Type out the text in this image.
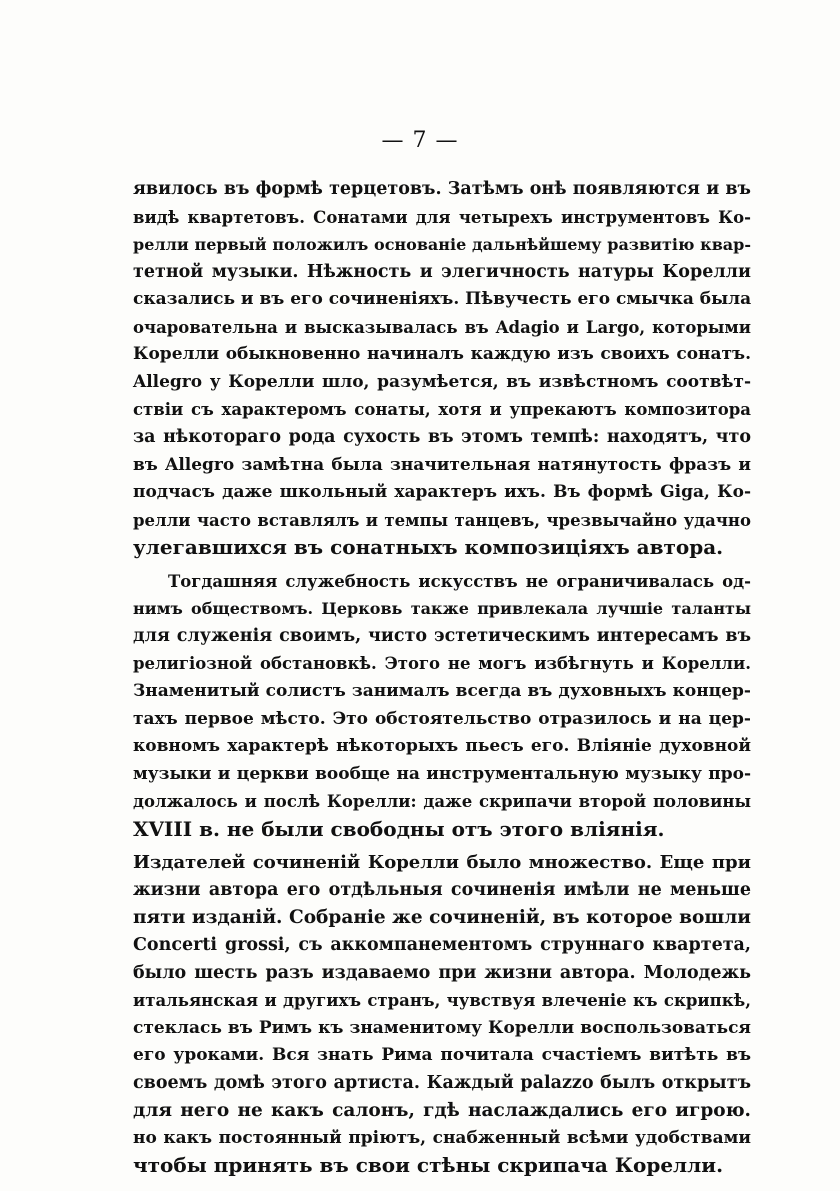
— 7 —
явилось въ формѣ терцетовъ. Затѣмъ онѣ появляются и въ
видѣ квартетовъ. Сонатами для четырехъ инструментовъ Ко-
релли первый положилъ основанiе дальнѣйшему развитiю квар-
тетной музыки. Нѣжность и элегичность натуры Корелли
сказались и въ его сочиненiяхъ. Пѣвучесть его смычка была
очаровательна и высказывалась въ Adagio и Largo, которыми
Корелли обыкновенно начиналъ каждую изъ своихъ сонатъ.
Allegro у Корелли шло, разумѣется, въ извѣстномъ соотвѣт-
ствiи съ характеромъ сонаты, хотя и упрекаютъ композитора
за нѣкотораго рода сухость въ этомъ темпѣ: находятъ, что
въ Allegro замѣтна была значительная натянутость фразъ и
подчасъ даже школьный характеръ ихъ. Въ формѣ Giga, Ко-
релли часто вставлялъ и темпы танцевъ, чрезвычайно удачно
улегавшихся въ сонатныхъ композицiяхъ автора.
Тогдашняя служебность искусствъ не ограничивалась од-
нимъ обществомъ. Церковь также привлекала лучшiе таланты
для служенiя своимъ, чисто эстетическимъ интересамъ въ
религiозной обстановкѣ. Этого не могъ избѣгнуть и Корелли.
Знаменитый солистъ занималъ всегда въ духовныхъ концер-
тахъ первое мѣсто. Это обстоятельство отразилось и на цер-
ковномъ характерѣ нѣкоторыхъ пьесъ его. Влiянiе духовной
музыки и церкви вообще на инструментальную музыку про-
должалось и послѣ Корелли: даже скрипачи второй половины
XVIII в. не были свободны отъ этого влiянiя.
Издателей сочиненiй Корелли было множество. Еще при
жизни автора его отдѣльныя сочиненiя имѣли не меньше
пяти изданiй. Собранiе же сочиненiй, въ которое вошли
Concerti grossi, съ аккомпанементомъ струннаго квартета,
было шесть разъ издаваемо при жизни автора. Молодежь
итальянская и другихъ странъ, чувствуя влеченiе къ скрипкѣ,
стеклась въ Римъ къ знаменитому Корелли воспользоваться
его уроками. Вся знать Рима почитала счастiемъ витѣть въ
своемъ домѣ этого артиста. Каждый palazzo былъ открытъ
для него не какъ салонъ, гдѣ наслаждались его игрою.
но какъ постоянный прiютъ, снабженный всѣми удобствами
чтобы принять въ свои стѣны скрипача Корелли.
